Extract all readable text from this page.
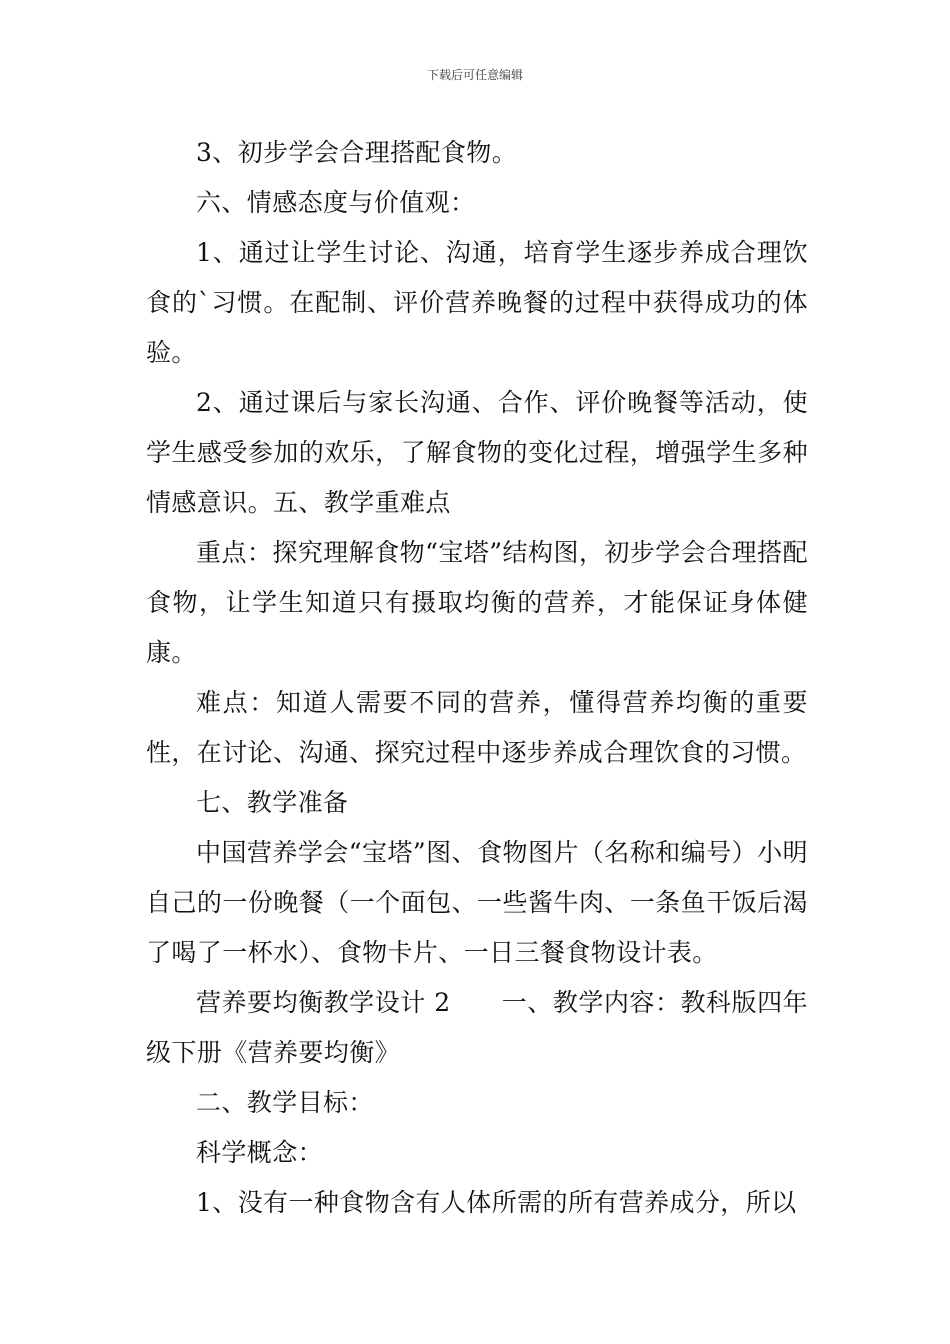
下载后可任意编辑

3、初步学会合理搭配食物。

六、情感态度与价值观：

1、通过让学生讨论、沟通，培育学生逐步养成合理饮食的`习惯。在配制、评价营养晚餐的过程中获得成功的体验。

2、通过课后与家长沟通、合作、评价晚餐等活动，使学生感受参加的欢乐，了解食物的变化过程，增强学生多种情感意识。五、教学重难点

重点：探究理解食物“宝塔”结构图，初步学会合理搭配食物，让学生知道只有摄取均衡的营养，才能保证身体健康。

难点：知道人需要不同的营养，懂得营养均衡的重要性，在讨论、沟通、探究过程中逐步养成合理饮食的习惯。

七、教学准备

中国营养学会“宝塔”图、食物图片（名称和编号）小明自己的一份晚餐（一个面包、一些酱牛肉、一条鱼干饭后渴了喝了一杯水）、食物卡片、一日三餐食物设计表。

营养要均衡教学设计 2　　一、教学内容：教科版四年级下册《营养要均衡》

二、教学目标：

科学概念：

1、没有一种食物含有人体所需的所有营养成分，所以
